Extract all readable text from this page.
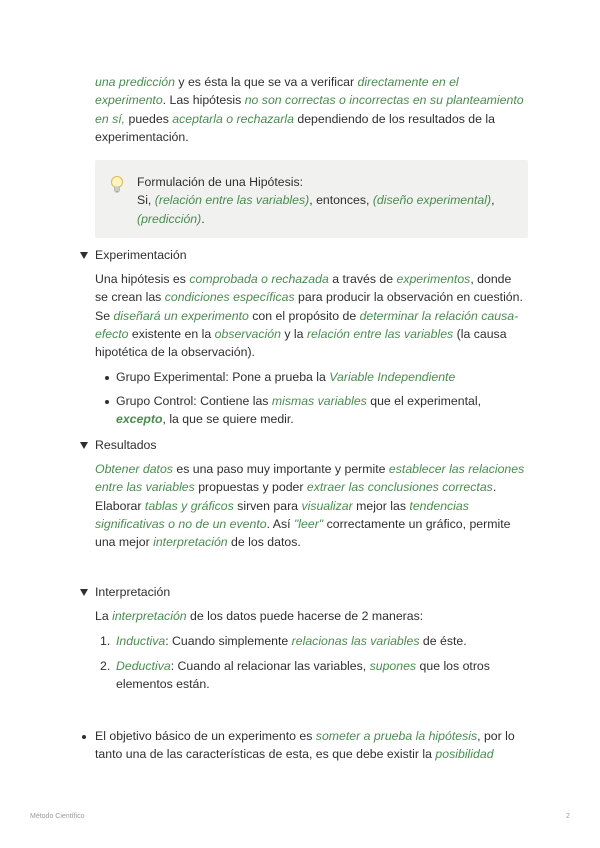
una predicción y es ésta la que se va a verificar directamente en el experimento. Las hipótesis no son correctas o incorrectas en su planteamiento en sí, puedes aceptarla o rechazarla dependiendo de los resultados de la experimentación.

Formulación de una Hipótesis:
Si, (relación entre las variables), entonces, (diseño experimental), (predicción).
Experimentación

Una hipótesis es comprobada o rechazada a través de experimentos, donde se crean las condiciones específicas para producir la observación en cuestión. Se diseñará un experimento con el propósito de determinar la relación causa-efecto existente en la observación y la relación entre las variables (la causa hipotética de la observación).

Grupo Experimental: Pone a prueba la Variable Independiente
Grupo Control: Contiene las mismas variables que el experimental, excepto, la que se quiere medir.
Resultados

Obtener datos es una paso muy importante y permite establecer las relaciones entre las variables propuestas y poder extraer las conclusiones correctas. Elaborar tablas y gráficos sirven para visualizar mejor las tendencias significativas o no de un evento. Así "leer" correctamente un gráfico, permite una mejor interpretación de los datos.

Interpretación
La interpretación de los datos puede hacerse de 2 maneras:
1. Inductiva: Cuando simplemente relacionas las variables de éste.
2. Deductiva: Cuando al relacionar las variables, supones que los otros elementos están.
El objetivo básico de un experimento es someter a prueba la hipótesis, por lo tanto una de las características de esta, es que debe existir la posibilidad
Método Científico	2
